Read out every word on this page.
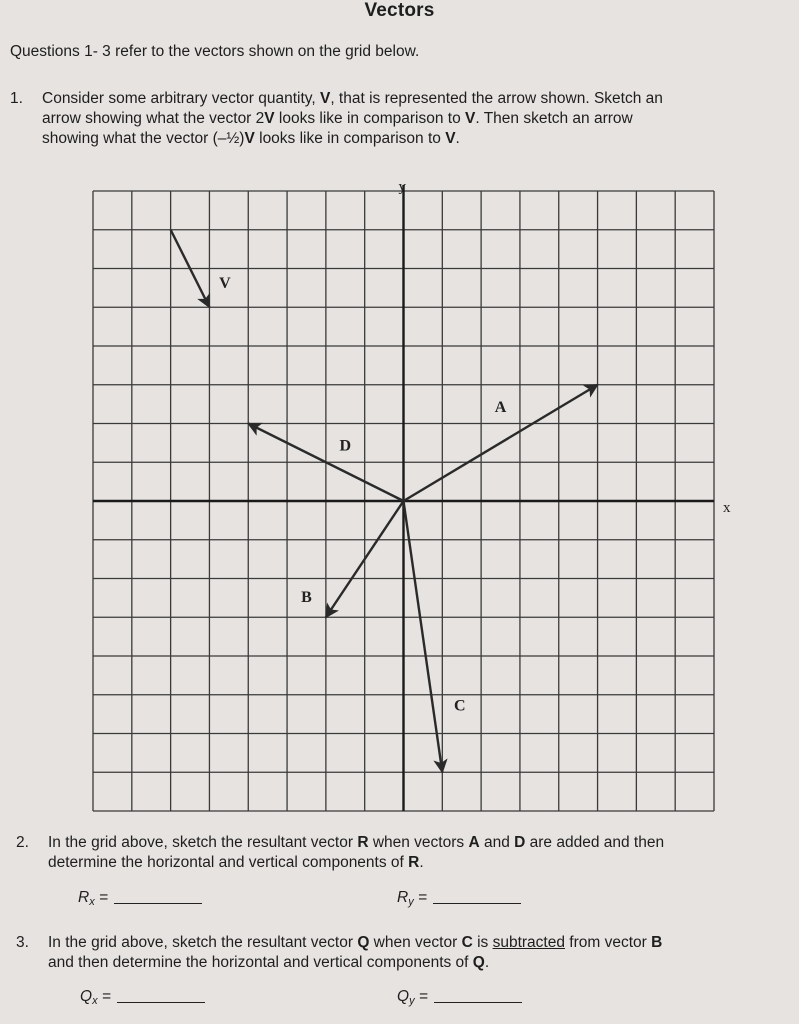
Vectors
Questions 1- 3 refer to the vectors shown on the grid below.
1. Consider some arbitrary vector quantity, V, that is represented the arrow shown. Sketch an
arrow showing what the vector 2V looks like in comparison to V. Then sketch an arrow
showing what the vector (–½)V looks like in comparison to V.
y
x
V
A
D
B
C
2. In the grid above, sketch the resultant vector R when vectors A and D are added and then
determine the horizontal and vertical components of R.
$R_x$ =	$R_y$ =
3. In the grid above, sketch the resultant vector Q when vector C is subtracted from vector B
and then determine the horizontal and vertical components of Q.
$Q_x$ =	$Q_y$ =
